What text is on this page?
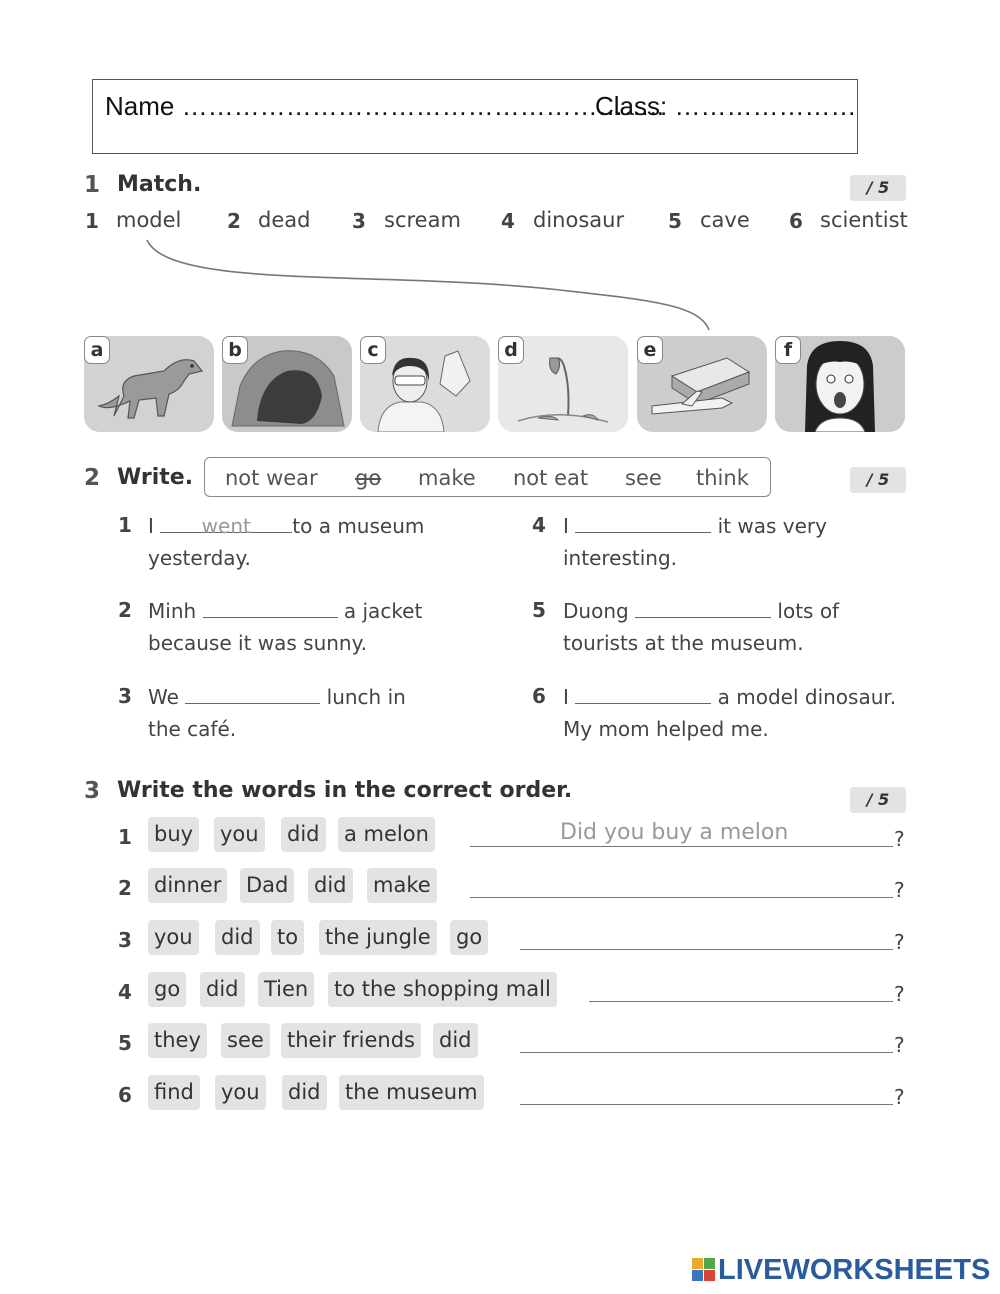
Name ………………………………………………..
Class: …………………
1 Match.	/ 5
1 model 2 dead 3 scream 4 dinosaur 5 cave 6 scientist
a	b	c	d	e	f
2 Write.	/ 5
not wear go make not eat see think
1 I went to a museum
yesterday.
2 Minh	a jacket
because it was sunny.
3 We	lunch in
the café.
4 I	it was very
interesting.
5 Duong	lots of
tourists at the museum.
6 I	a model dinosaur.
My mom helped me.
3 Write the words in the correct order.	/ 5
1 buy you did a melon	Did you buy a melon	?
2 dinner Dad did make	?
3 you did to the jungle go	?
4 go did Tien to the shopping mall	?
5 they see their friends did	?
6 find you did the museum	?
LIVEWORKSHEETS
